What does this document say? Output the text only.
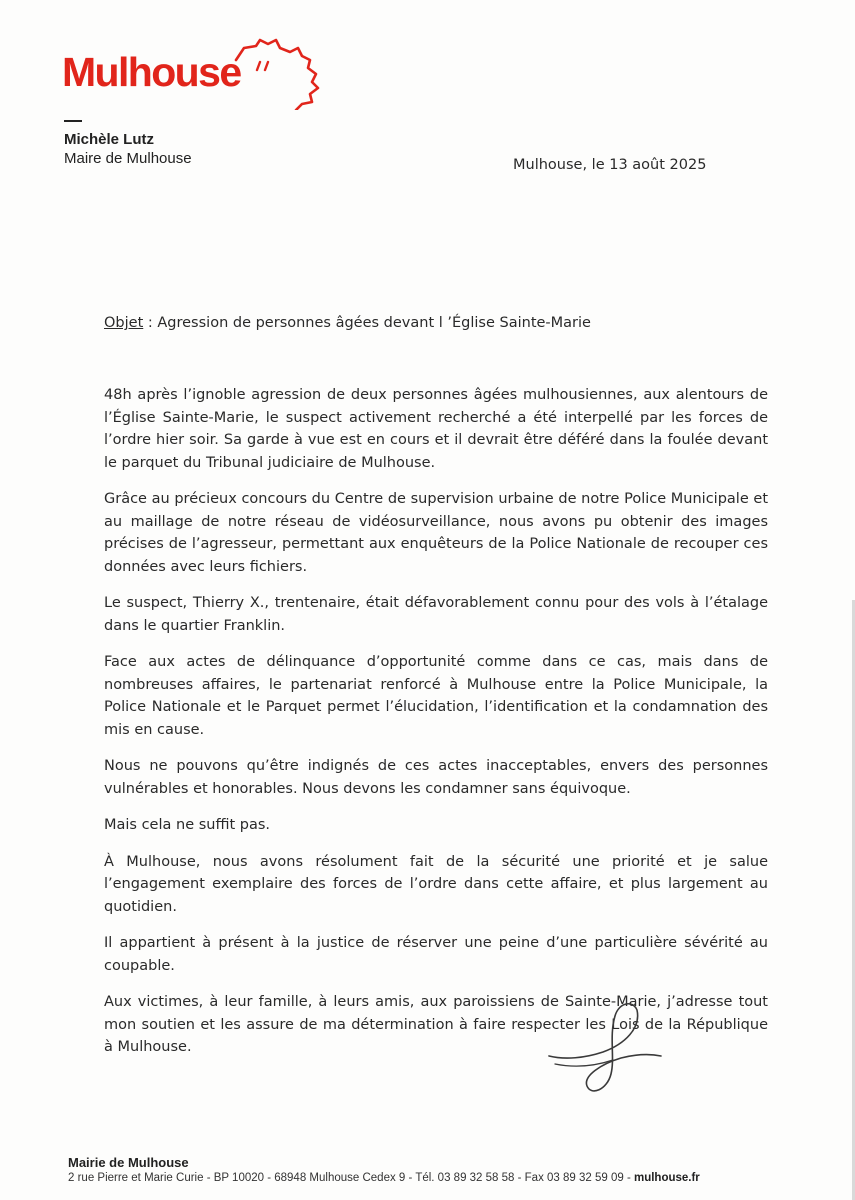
Mulhouse
Michèle Lutz
Maire de Mulhouse	Mulhouse, le 13 août 2025
Objet : Agression de personnes âgées devant l ’Église Sainte-Marie

48h après l’ignoble agression de deux personnes âgées mulhousiennes, aux alentours de l’Église Sainte-Marie, le suspect activement recherché a été interpellé par les forces de l’ordre hier soir. Sa garde à vue est en cours et il devrait être déféré dans la foulée devant le parquet du Tribunal judiciaire de Mulhouse.

Grâce au précieux concours du Centre de supervision urbaine de notre Police Municipale et au maillage de notre réseau de vidéosurveillance, nous avons pu obtenir des images précises de l’agresseur, permettant aux enquêteurs de la Police Nationale de recouper ces données avec leurs fichiers.

Le suspect, Thierry X., trentenaire, était défavorablement connu pour des vols à l’étalage dans le quartier Franklin.

Face aux actes de délinquance d’opportunité comme dans ce cas, mais dans de nombreuses affaires, le partenariat renforcé à Mulhouse entre la Police Municipale, la Police Nationale et le Parquet permet l’élucidation, l’identification et la condamnation des mis en cause.

Nous ne pouvons qu’être indignés de ces actes inacceptables, envers des personnes vulnérables et honorables. Nous devons les condamner sans équivoque.

Mais cela ne suffit pas.

À Mulhouse, nous avons résolument fait de la sécurité une priorité et je salue l’engagement exemplaire des forces de l’ordre dans cette affaire, et plus largement au quotidien.

Il appartient à présent à la justice de réserver une peine d’une particulière sévérité au coupable.

Aux victimes, à leur famille, à leurs amis, aux paroissiens de Sainte-Marie, j’adresse tout mon soutien et les assure de ma détermination à faire respecter les Lois de la République à Mulhouse.

Mairie de Mulhouse
2 rue Pierre et Marie Curie - BP 10020 - 68948 Mulhouse Cedex 9 - Tél. 03 89 32 58 58 - Fax 03 89 32 59 09 - mulhouse.fr
